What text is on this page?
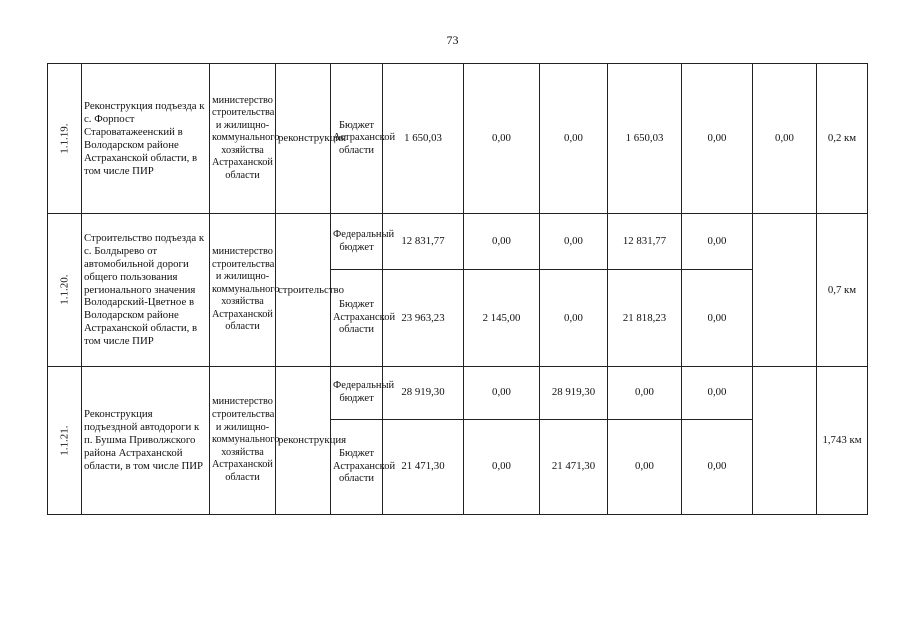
73
1.1.19.	Реконструкция подъезда к с. Форпост Староватажеенский в Володарском районе Астраханской области, в том числе ПИР	министерство строительства и жилищно-коммунального хозяйства Астраханской области	реконструкция	Бюджет Астраханской области	1 650,03	0,00	0,00	1 650,03	0,00	0,00	0,2 км
1.1.20.	Строительство подъезда к с. Болдырево от автомобильной дороги общего пользования регионального значения Володарский-Цветное в Володарском районе Астраханской области, в том числе ПИР	министерство строительства и жилищно-коммунального хозяйства Астраханской области	строительство	Федеральный бюджет	12 831,77	0,00	0,00	12 831,77	0,00		0,7 км
				Бюджет Астраханской области	23 963,23	2 145,00	0,00	21 818,23	0,00		
1.1.21.	Реконструкция подъездной автодороги к п. Бушма Приволжского района Астраханской области, в том числе ПИР	министерство строительства и жилищно-коммунального хозяйства Астраханской области	реконструкция	Федеральный бюджет	28 919,30	0,00	28 919,30	0,00	0,00		1,743 км
				Бюджет Астраханской области	21 471,30	0,00	21 471,30	0,00	0,00		
